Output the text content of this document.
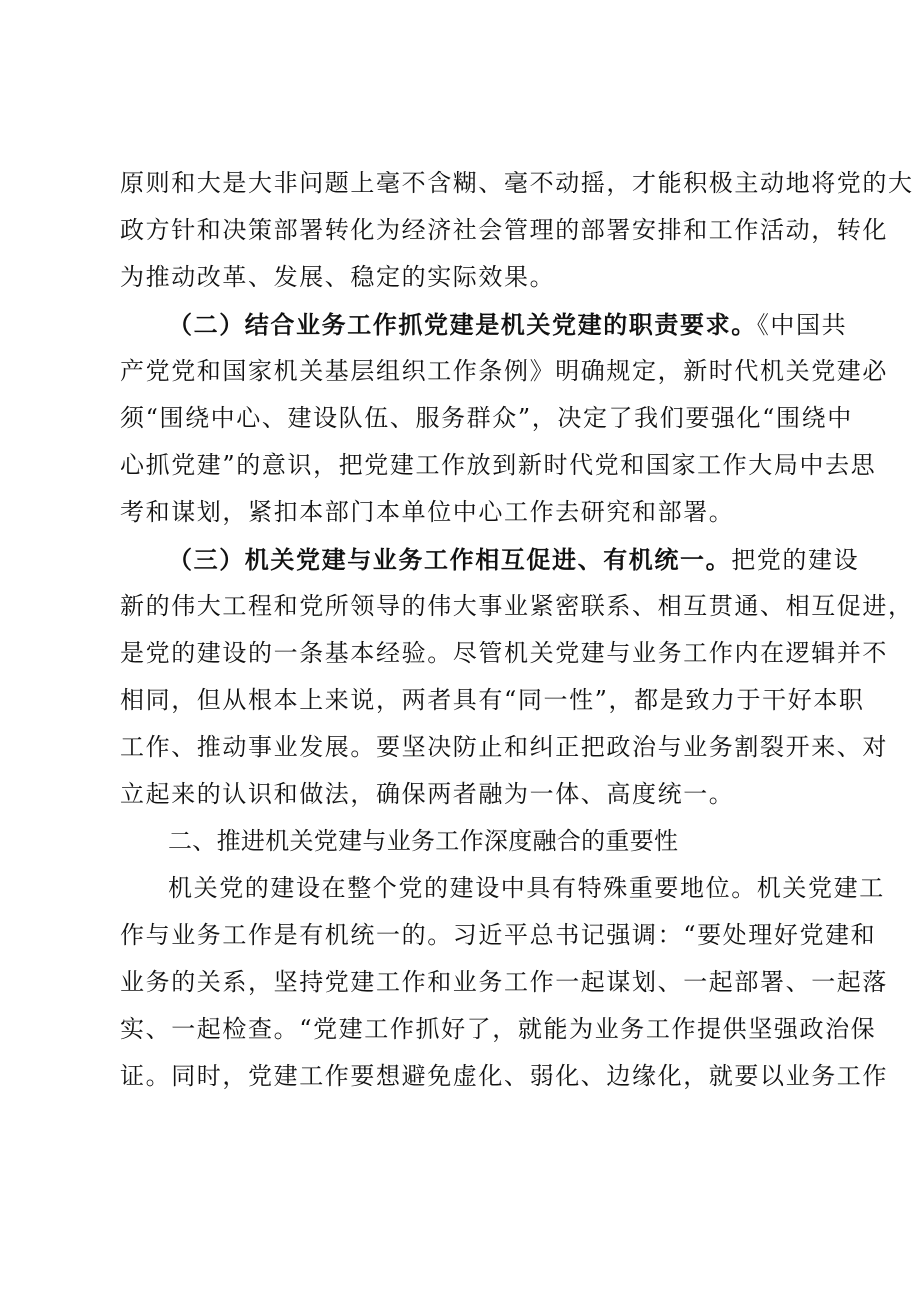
原则和大是大非问题上毫不含糊、毫不动摇，才能积极主动地将党的大
政方针和决策部署转化为经济社会管理的部署安排和工作活动，转化
为推动改革、发展、稳定的实际效果。
（二）结合业务工作抓党建是机关党建的职责要求。《中国共
产党党和国家机关基层组织工作条例》明确规定，新时代机关党建必
须“围绕中心、建设队伍、服务群众”，决定了我们要强化“围绕中
心抓党建”的意识，把党建工作放到新时代党和国家工作大局中去思
考和谋划，紧扣本部门本单位中心工作去研究和部署。
（三）机关党建与业务工作相互促进、有机统一。把党的建设
新的伟大工程和党所领导的伟大事业紧密联系、相互贯通、相互促进，
是党的建设的一条基本经验。尽管机关党建与业务工作内在逻辑并不
相同，但从根本上来说，两者具有“同一性”，都是致力于干好本职
工作、推动事业发展。要坚决防止和纠正把政治与业务割裂开来、对
立起来的认识和做法，确保两者融为一体、高度统一。
二、推进机关党建与业务工作深度融合的重要性
机关党的建设在整个党的建设中具有特殊重要地位。机关党建工
作与业务工作是有机统一的。习近平总书记强调：“要处理好党建和
业务的关系，坚持党建工作和业务工作一起谋划、一起部署、一起落
实、一起检查。“党建工作抓好了，就能为业务工作提供坚强政治保
证。同时，党建工作要想避免虚化、弱化、边缘化，就要以业务工作
